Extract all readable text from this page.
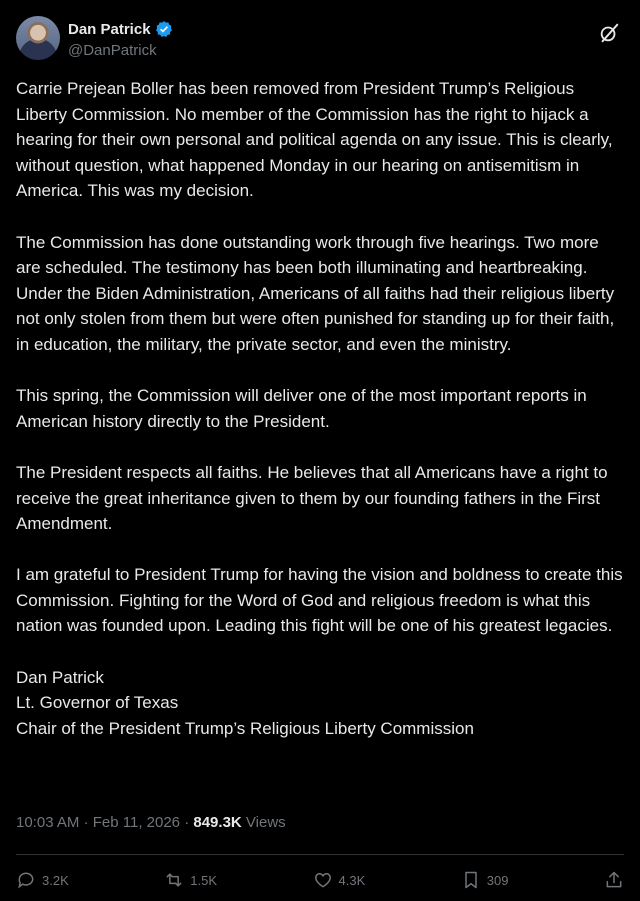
Dan Patrick
@DanPatrick

Carrie Prejean Boller has been removed from President Trump’s Religious Liberty Commission. No member of the Commission has the right to hijack a hearing for their own personal and political agenda on any issue. This is clearly, without question, what happened Monday in our hearing on antisemitism in America. This was my decision.

The Commission has done outstanding work through five hearings. Two more are scheduled. The testimony has been both illuminating and heartbreaking. Under the Biden Administration, Americans of all faiths had their religious liberty not only stolen from them but were often punished for standing up for their faith, in education, the military, the private sector, and even the ministry.

This spring, the Commission will deliver one of the most important reports in American history directly to the President.

The President respects all faiths. He believes that all Americans have a right to receive the great inheritance given to them by our founding fathers in the First Amendment.

I am grateful to President Trump for having the vision and boldness to create this Commission. Fighting for the Word of God and religious freedom is what this nation was founded upon. Leading this fight will be one of his greatest legacies.

Dan Patrick
Lt. Governor of Texas
Chair of the President Trump’s Religious Liberty Commission
10:03 AM · Feb 11, 2026 · 849.3K Views
3.2K	1.5K	4.3K	309
